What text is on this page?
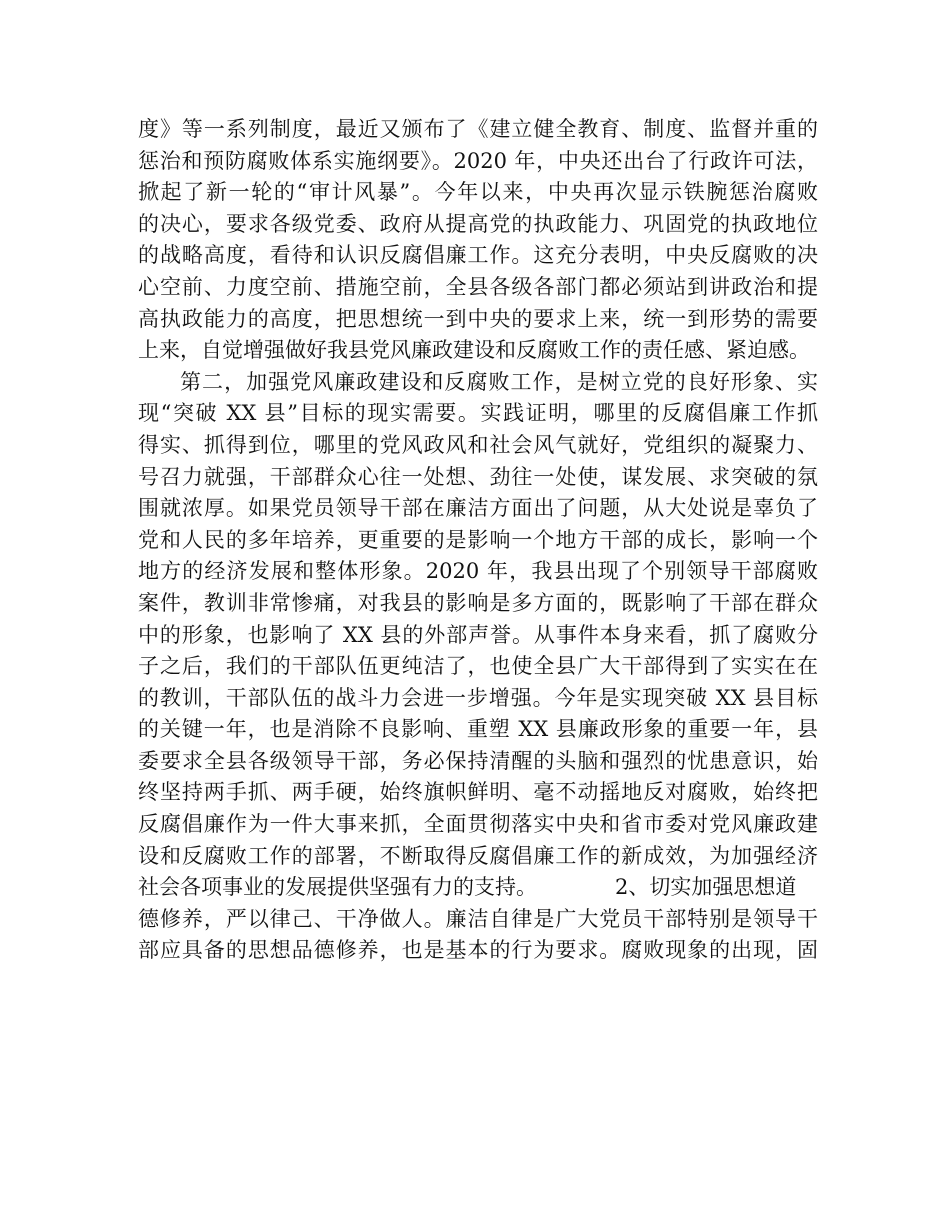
度》等一系列制度，最近又颁布了《建立健全教育、制度、监督并重的
惩治和预防腐败体系实施纲要》。2020 年，中央还出台了行政许可法，
掀起了新一轮的“审计风暴”。今年以来，中央再次显示铁腕惩治腐败
的决心，要求各级党委、政府从提高党的执政能力、巩固党的执政地位
的战略高度，看待和认识反腐倡廉工作。这充分表明，中央反腐败的决
心空前、力度空前、措施空前，全县各级各部门都必须站到讲政治和提
高执政能力的高度，把思想统一到中央的要求上来，统一到形势的需要
上来，自觉增强做好我县党风廉政建设和反腐败工作的责任感、紧迫感。
第二，加强党风廉政建设和反腐败工作，是树立党的良好形象、实
现“突破 XX 县”目标的现实需要。实践证明，哪里的反腐倡廉工作抓
得实、抓得到位，哪里的党风政风和社会风气就好，党组织的凝聚力、
号召力就强，干部群众心往一处想、劲往一处使，谋发展、求突破的氛
围就浓厚。如果党员领导干部在廉洁方面出了问题，从大处说是辜负了
党和人民的多年培养，更重要的是影响一个地方干部的成长，影响一个
地方的经济发展和整体形象。2020 年，我县出现了个别领导干部腐败
案件，教训非常惨痛，对我县的影响是多方面的，既影响了干部在群众
中的形象，也影响了 XX 县的外部声誉。从事件本身来看，抓了腐败分
子之后，我们的干部队伍更纯洁了，也使全县广大干部得到了实实在在
的教训，干部队伍的战斗力会进一步增强。今年是实现突破 XX 县目标
的关键一年，也是消除不良影响、重塑 XX 县廉政形象的重要一年，县
委要求全县各级领导干部，务必保持清醒的头脑和强烈的忧患意识，始
终坚持两手抓、两手硬，始终旗帜鲜明、毫不动摇地反对腐败，始终把
反腐倡廉作为一件大事来抓，全面贯彻落实中央和省市委对党风廉政建
设和反腐败工作的部署，不断取得反腐倡廉工作的新成效，为加强经济
社会各项事业的发展提供坚强有力的支持。	2、切实加强思想道
德修养，严以律己、干净做人。廉洁自律是广大党员干部特别是领导干
部应具备的思想品德修养，也是基本的行为要求。腐败现象的出现，固
